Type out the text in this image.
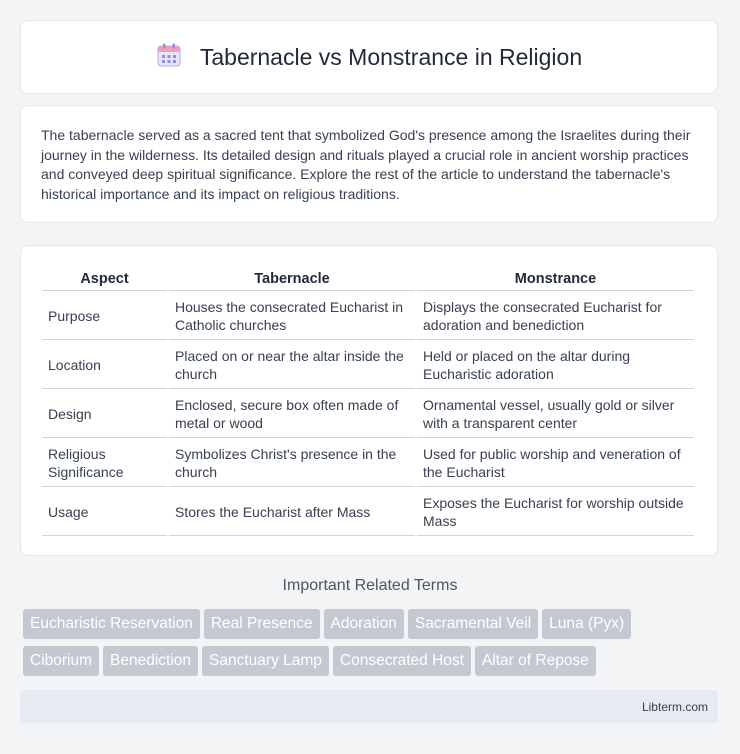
Tabernacle vs Monstrance in Religion

The tabernacle served as a sacred tent that symbolized God's presence among the Israelites during their journey in the wilderness. Its detailed design and rituals played a crucial role in ancient worship practices and conveyed deep spiritual significance. Explore the rest of the article to understand the tabernacle's historical importance and its impact on religious traditions.

Aspect	Tabernacle	Monstrance
Purpose	Houses the consecrated Eucharist in Catholic churches	Displays the consecrated Eucharist for adoration and benediction
Location	Placed on or near the altar inside the church	Held or placed on the altar during Eucharistic adoration
Design	Enclosed, secure box often made of metal or wood	Ornamental vessel, usually gold or silver with a transparent center
Religious Significance	Symbolizes Christ's presence in the church	Used for public worship and veneration of the Eucharist
Usage	Stores the Eucharist after Mass	Exposes the Eucharist for worship outside Mass
Important Related Terms
Eucharistic Reservation Real Presence Adoration Sacramental Veil Luna (Pyx)
Ciborium Benediction Sanctuary Lamp Consecrated Host Altar of Repose
Libterm.com
